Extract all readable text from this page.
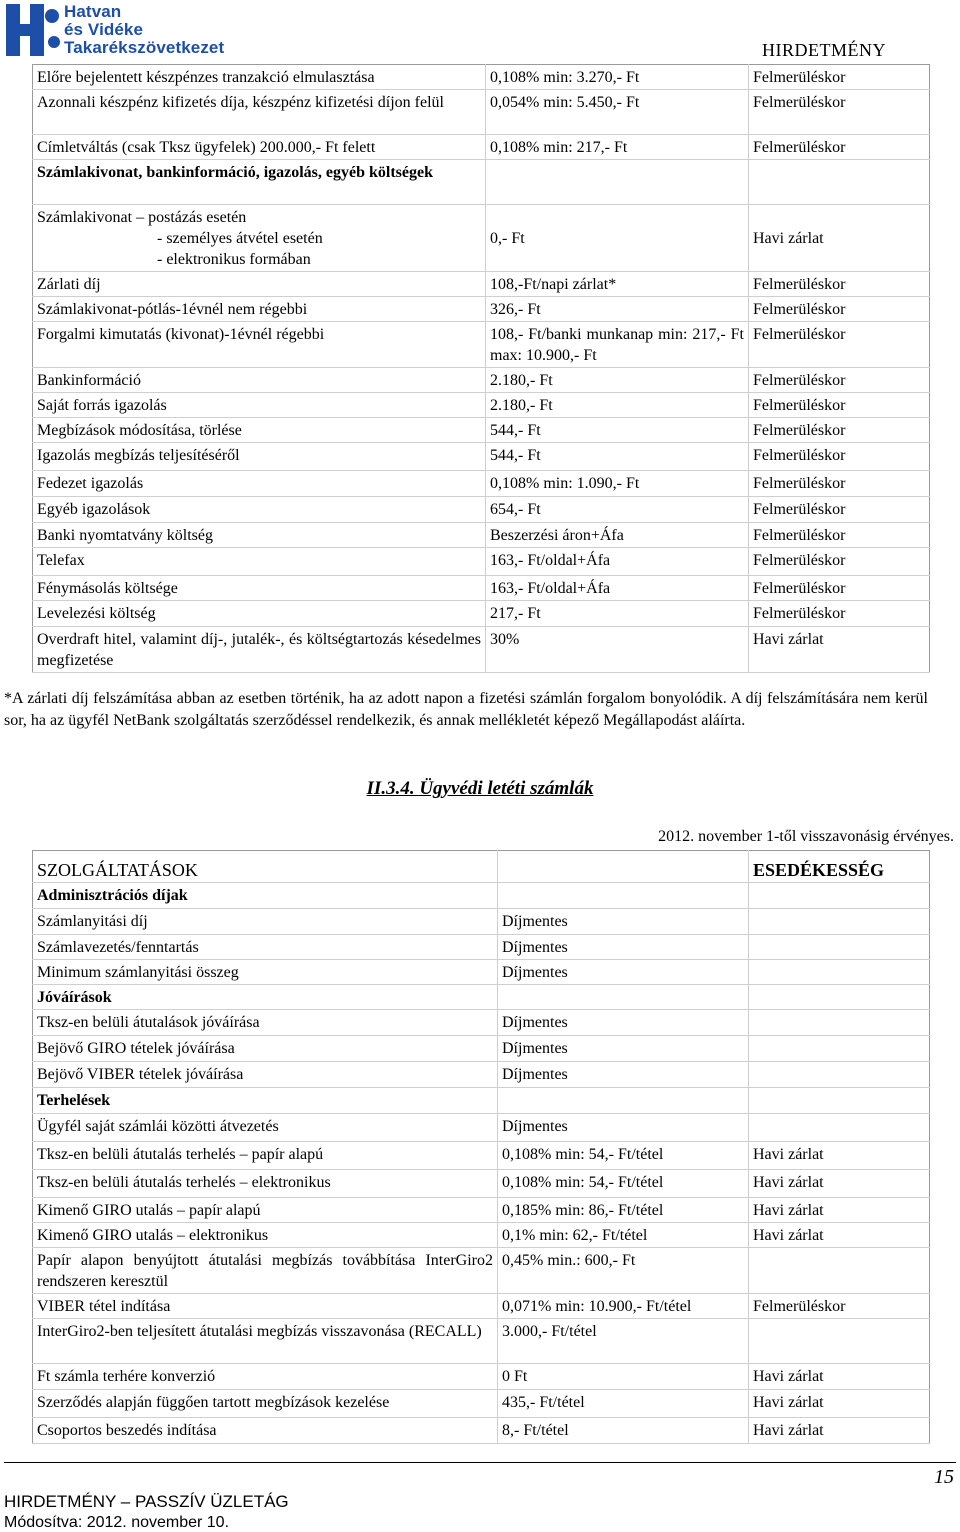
Hatvan
és Vidéke
Takarékszövetkezet	HIRDETMÉNY
Előre bejelentett készpénzes tranzakció elmulasztása	0,108% min: 3.270,- Ft	Felmerüléskor
Azonnali készpénz kifizetés díja, készpénz kifizetési díjon felül	0,054% min: 5.450,- Ft	Felmerüléskor
Címletváltás (csak Tksz ügyfelek) 200.000,- Ft felett	0,108% min: 217,- Ft	Felmerüléskor
Számlakivonat, bankinformáció, igazolás, egyéb költségek		

Számlakivonat – postázás esetén
- személyes átvétel esetén
- elektronikus formában	0,- Ft	Havi zárlat
Zárlati díj	108,-Ft/napi zárlat*	Felmerüléskor
Számlakivonat-pótlás-1évnél nem régebbi	326,- Ft	Felmerüléskor
Forgalmi kimutatás (kivonat)-1évnél régebbi	108,- Ft/banki munkanap min: 217,- Ft max: 10.900,- Ft	Felmerüléskor
Bankinformáció	2.180,- Ft	Felmerüléskor
Saját forrás igazolás	2.180,- Ft	Felmerüléskor
Megbízások módosítása, törlése	544,- Ft	Felmerüléskor
Igazolás megbízás teljesítéséről	544,- Ft	Felmerüléskor
Fedezet igazolás	0,108% min: 1.090,- Ft	Felmerüléskor
Egyéb igazolások	654,- Ft	Felmerüléskor
Banki nyomtatvány költség	Beszerzési áron+Áfa	Felmerüléskor
Telefax	163,- Ft/oldal+Áfa	Felmerüléskor
Fénymásolás költsége	163,- Ft/oldal+Áfa	Felmerüléskor
Levelezési költség	217,- Ft	Felmerüléskor
Overdraft hitel, valamint díj-, jutalék-, és költségtartozás késedelmes megfizetése	30%	Havi zárlat
*A zárlati díj felszámítása abban az esetben történik, ha az adott napon a fizetési számlán forgalom bonyolódik. A díj felszámítására nem kerül sor, ha az ügyfél NetBank szolgáltatás szerződéssel rendelkezik, és annak mellékletét képező Megállapodást aláírta.
II.3.4. Ügyvédi letéti számlák
2012. november 1-től visszavonásig érvényes.
SZOLGÁLTATÁSOK		ESEDÉKESSÉG
Adminisztrációs díjak		
Számlanyitási díj	Díjmentes	
Számlavezetés/fenntartás	Díjmentes	
Minimum számlanyitási összeg	Díjmentes	
Jóváírások		
Tksz-en belüli átutalások jóváírása	Díjmentes	
Bejövő GIRO tételek jóváírása	Díjmentes	
Bejövő VIBER tételek jóváírása	Díjmentes	
Terhelések		
Ügyfél saját számlái közötti átvezetés	Díjmentes	
Tksz-en belüli átutalás terhelés – papír alapú	0,108% min: 54,- Ft/tétel	Havi zárlat
Tksz-en belüli átutalás terhelés – elektronikus	0,108% min: 54,- Ft/tétel	Havi zárlat
Kimenő GIRO utalás – papír alapú	0,185% min: 86,- Ft/tétel	Havi zárlat
Kimenő GIRO utalás – elektronikus	0,1% min: 62,- Ft/tétel	Havi zárlat
Papír alapon benyújtott átutalási megbízás továbbítása InterGiro2 rendszeren keresztül	0,45% min.: 600,- Ft	
VIBER tétel indítása	0,071% min: 10.900,- Ft/tétel	Felmerüléskor
InterGiro2-ben teljesített átutalási megbízás visszavonása (RECALL)	3.000,- Ft/tétel	
Ft számla terhére konverzió	0 Ft	Havi zárlat
Szerződés alapján függően tartott megbízások kezelése	435,- Ft/tétel	Havi zárlat
Csoportos beszedés indítása	8,- Ft/tétel	Havi zárlat
15
HIRDETMÉNY – PASSZÍV ÜZLETÁG
Módosítva: 2012. november 10.
